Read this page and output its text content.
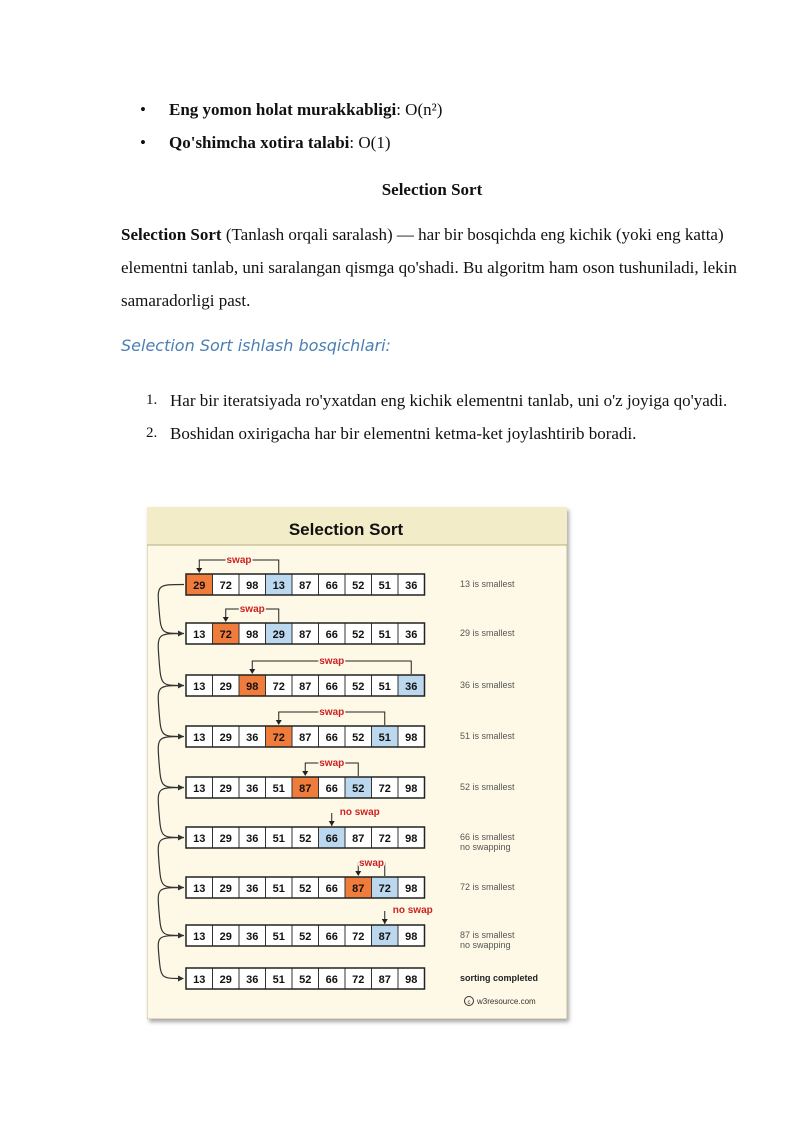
• Eng yomon holat murakkabligi: O(n²)
• Qo'shimcha xotira talabi: O(1)
Selection Sort
Selection Sort (Tanlash orqali saralash) — har bir bosqichda eng kichik (yoki eng katta) elementni tanlab, uni saralangan qismga qo'shadi. Bu algoritm ham oson tushuniladi, lekin samaradorligi past.
Selection Sort ishlash bosqichlari:
1. Har bir iteratsiyada ro'yxatdan eng kichik elementni tanlab, uni o'z joyiga qo'yadi.
2. Boshidan oxirigacha har bir elementni ketma-ket joylashtirib boradi.
Selection Sort
29 72 98 13 87 66 52 51 36	13 is smallest
swap
13 72 98 29 87 66 52 51 36	29 is smallest
swap
13 29 98 72 87 66 52 51 36	36 is smallest
swap
13 29 36 72 87 66 52 51 98	51 is smallest
swap
13 29 36 51 87 66 52 72 98	52 is smallest
swap
13 29 36 51 52 66 87 72 98	66 is smallest
no swapping
no swap
13 29 36 51 52 66 87 72 98	72 is smallest
swap
13 29 36 51 52 66 72 87 98	87 is smallest
no swapping
no swap
13 29 36 51 52 66 72 87 98	sorting completed
c w3resource.com
